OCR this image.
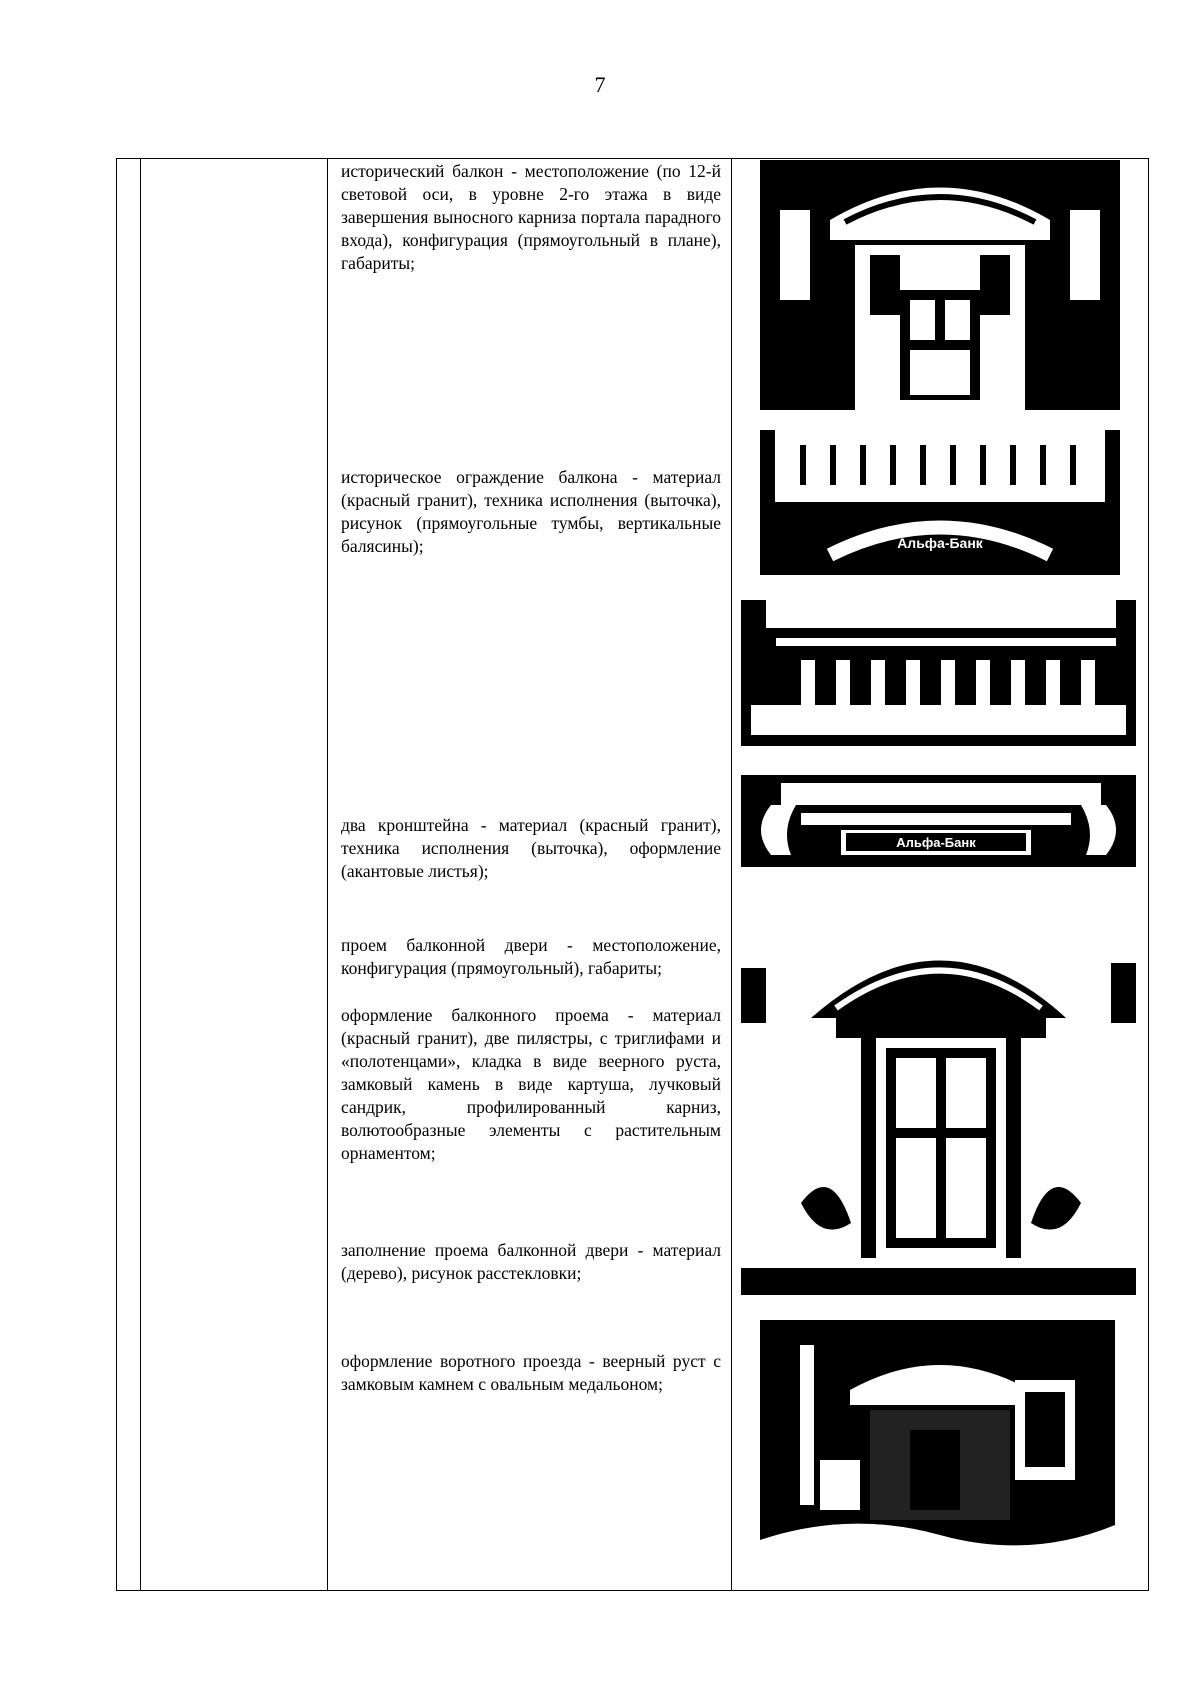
7
исторический балкон - местоположение (по 12-й световой оси, в уровне 2-го этажа в виде завершения выносного карниза портала парадного входа), конфигурация (прямоугольный в плане), габариты;
историческое ограждение балкона - материал (красный гранит), техника исполнения (выточка), рисунок (прямоугольные тумбы, вертикальные балясины);
два кронштейна - материал (красный гранит), техника исполнения (выточка), оформление (акантовые листья);
проем балконной двери - местоположение, конфигурация (прямоугольный), габариты;
оформление балконного проема - материал (красный гранит), две пилястры, с триглифами и «полотенцами», кладка в виде веерного руста, замковый камень в виде картуша, лучковый сандрик, профилированный карниз, волютообразные элементы с растительным орнаментом;
заполнение проема балконной двери - материал (дерево), рисунок расстекловки;
оформление воротного проезда - веерный руст с замковым камнем с овальным медальоном;
Альфа-Банк
Альфа-Банк
